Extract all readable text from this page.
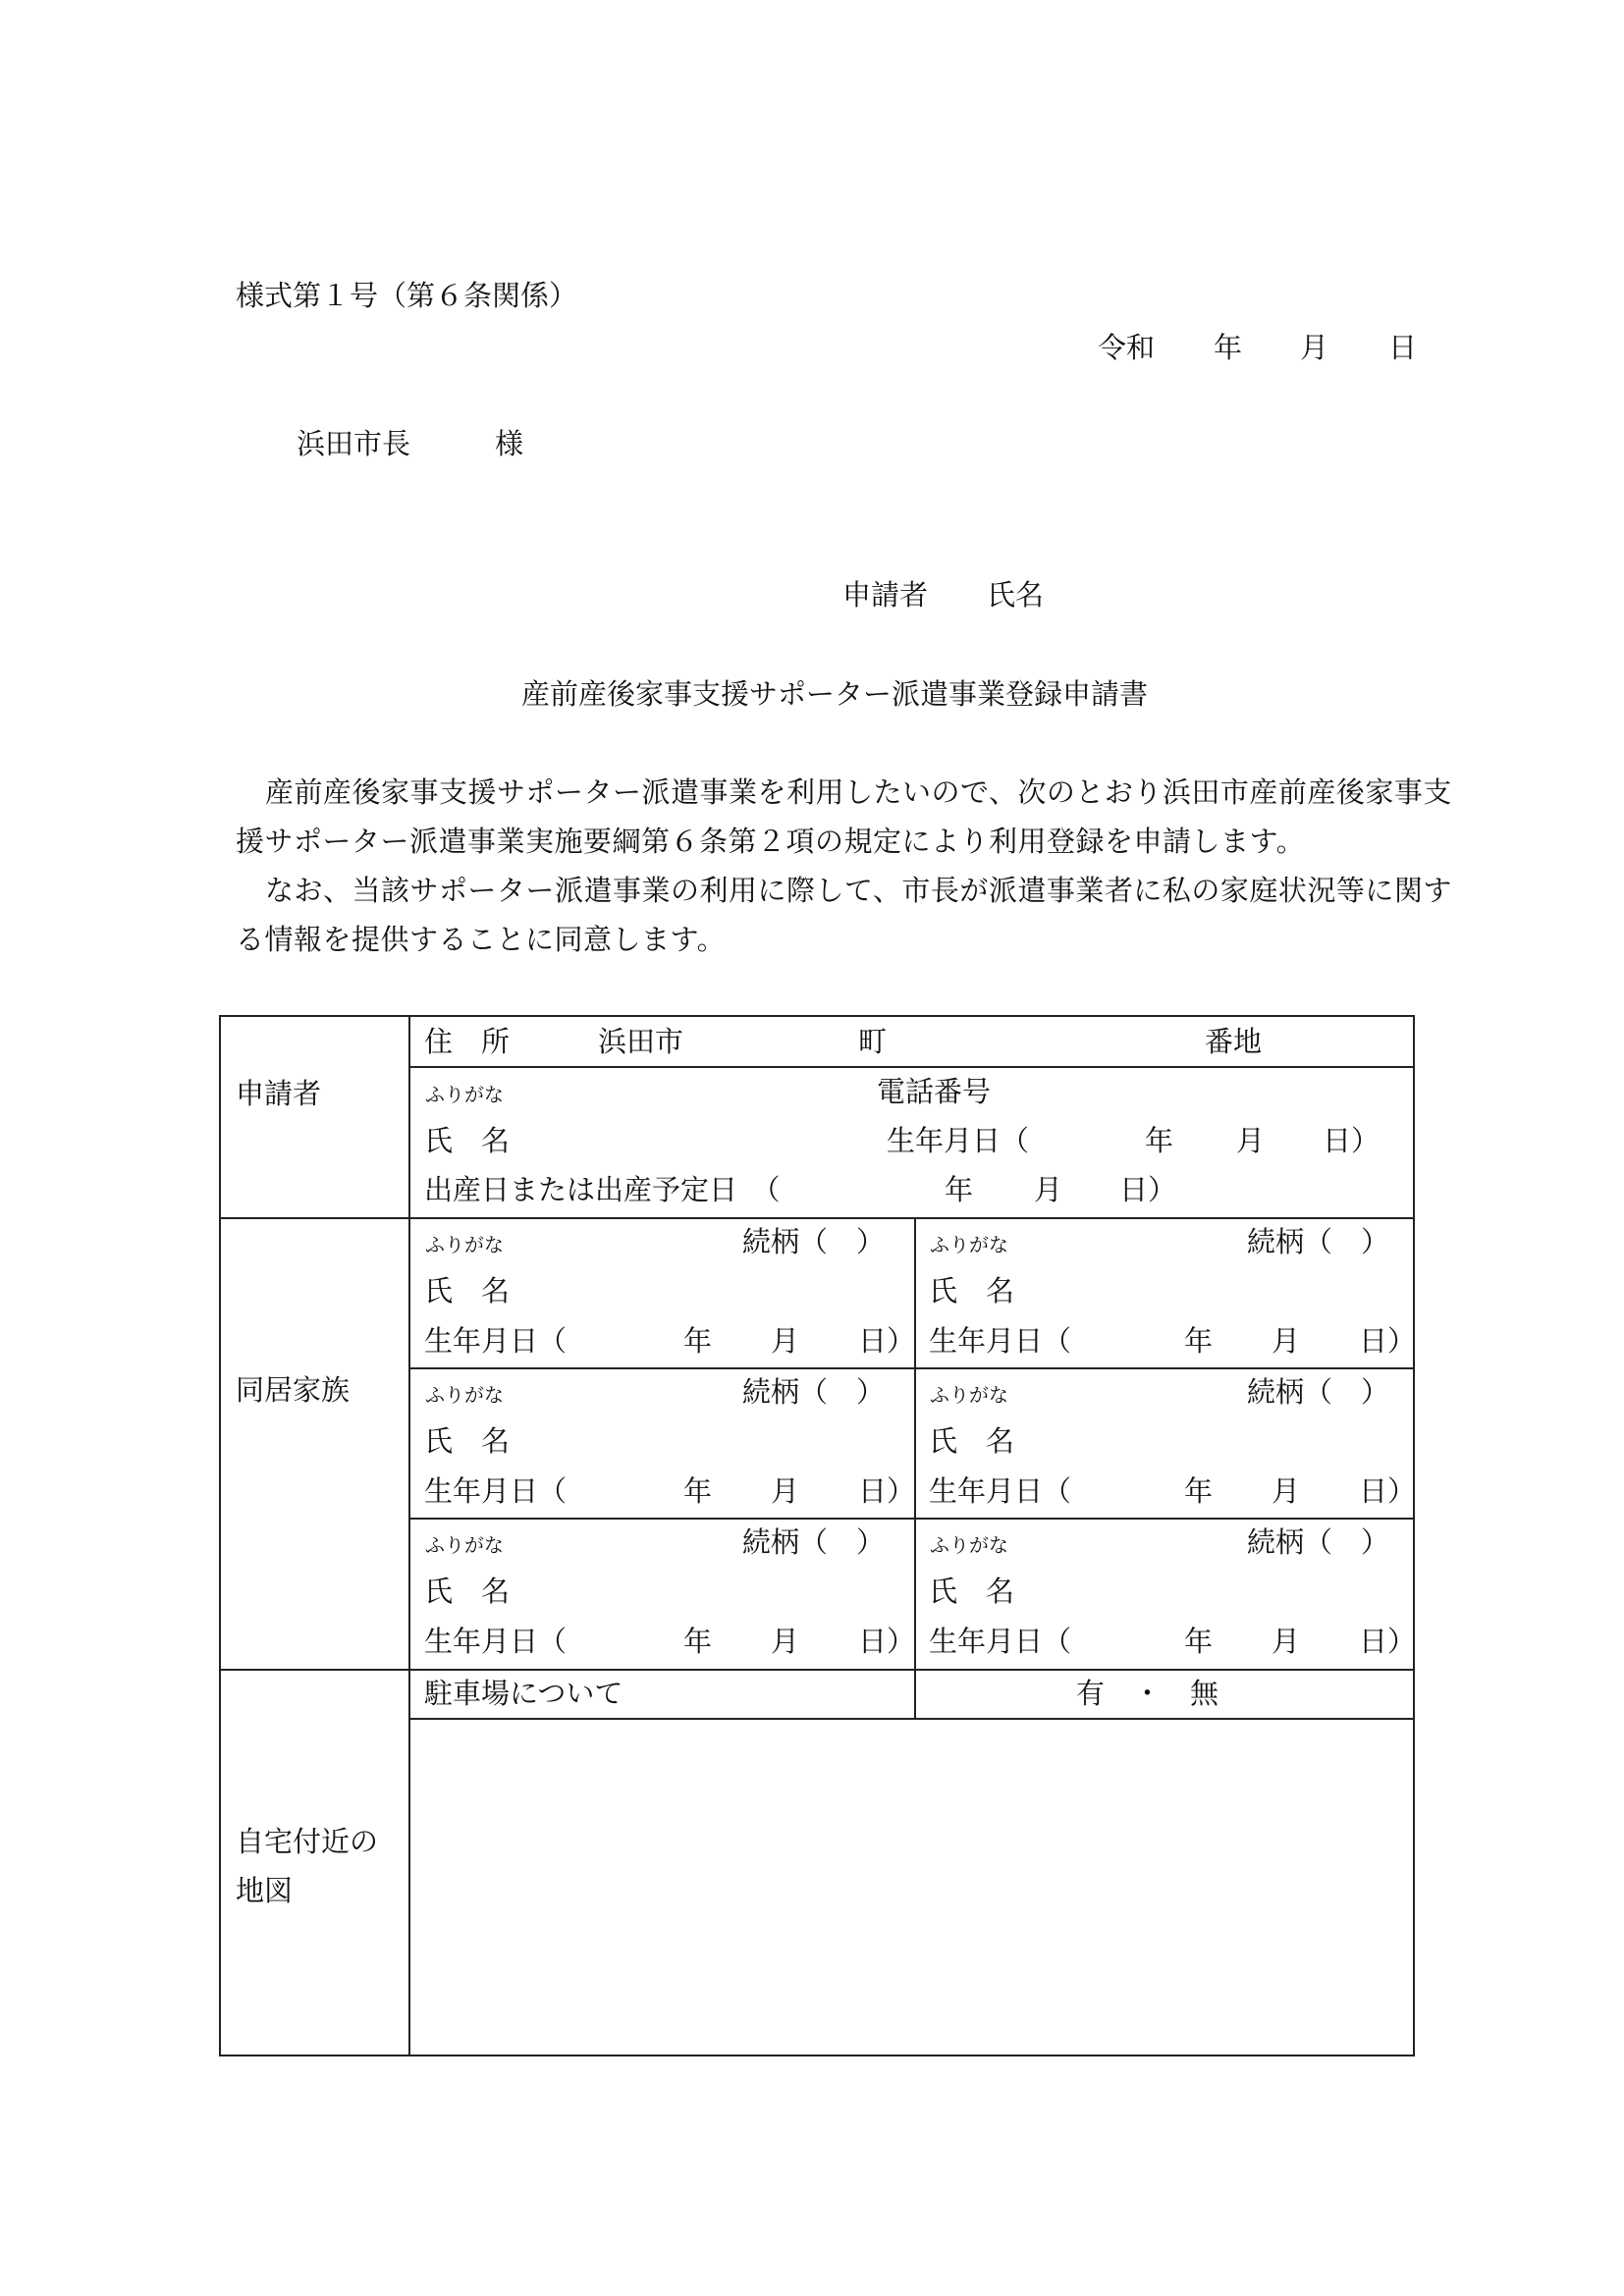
様式第１号（第６条関係）
令和 年 月 日
浜田市長	様
申請者 氏名
産前産後家事支援サポーター派遣事業登録申請書
産前産後家事支援サポーター派遣事業を利用したいので、次のとおり浜田市産前産後家事支
援サポーター派遣事業実施要綱第６条第２項の規定により利用登録を申請します。
なお、当該サポーター派遣事業の利用に際して、市長が派遣事業者に私の家庭状況等に関す
る情報を提供することに同意します。
申請者
住　所	浜田市	町	番地
ふりがな	電話番号
氏　名	生年月日（	年 月 日）
出産日または出産予定日　（	年 月 日）
同居家族
ふりがな	続柄（　）
氏　名
生年月日（	年 月 日）
ふりがな	続柄（　）
氏　名
生年月日（	年 月 日）
ふりがな	続柄（　）
氏　名
生年月日（	年 月 日）
ふりがな	続柄（　）
氏　名
生年月日（	年 月 日）
ふりがな	続柄（　）
氏　名
生年月日（	年 月 日）
ふりがな	続柄（　）
氏　名
生年月日（	年 月 日）
自宅付近の
地図
駐車場について	有　・　無
